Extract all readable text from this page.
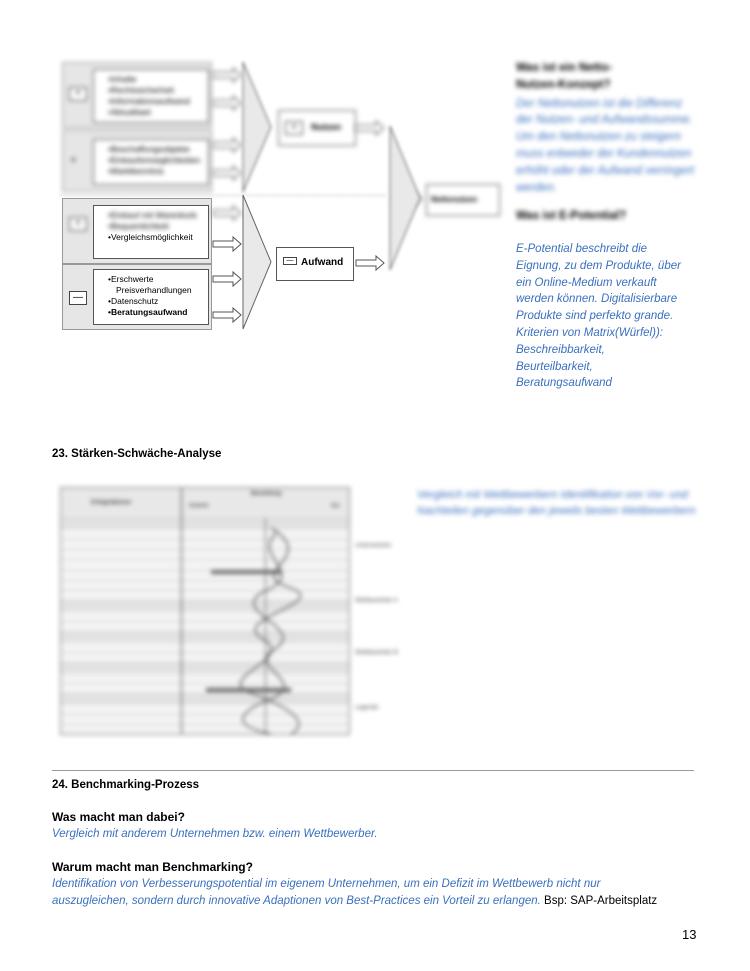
+
• Inhalte
• Rechtssicherheit
• Informationsaufwand
• Aktualitaet
o
• Beschaffungsobjekte
• Einkaufsmoeglichkeiten
• Marktkenntnis
+	Nutzen
Nettonutzen
+
• Einkauf mit Warenkorb
• Bequemlichkeit
• Vergleichsmöglichkeit
—
• Erschwerte Preisverhandlungen
• Datenschutz
• Beratungsaufwand
— Aufwand
Was ist ein Netto-Nutzen-Konzept?
Der Nettonutzen ist die Differenz der Nutzen- und Aufwandssumme. Um den Nettonutzen zu steigern muss entweder der Kundennutzen erhöht oder der Aufwand verringert werden.
Was ist E-Potential?
E-Potential beschreibt die
Eignung, zu dem Produkte, über
ein Online-Medium verkauft
werden können. Digitalisierbare
Produkte sind perfekto grande.
Kriterien von Matrix(Würfel)):
Beschreibbarkeit,
Beurteilbarkeit,
Beratungsaufwand
23. Stärken-Schwäche-Analyse
Vergleich mit Wettbewerbern Identifikation von Vor- und Nachteilen gegenüber den jeweils besten Wettbewerbern
Erfolgsfaktoren
Beurteilung
Schlecht	Gut
Unternehmen
Wettbewerber A
Wettbewerber B
Legende
24. Benchmarking-Prozess
Was macht man dabei?
Vergleich mit anderem Unternehmen bzw. einem Wettbewerber.
Warum macht man Benchmarking?
Identifikation von Verbesserungspotential im eigenem Unternehmen, um ein Defizit im Wettbewerb nicht nur
auszugleichen, sondern durch innovative Adaptionen von Best-Practices ein Vorteil zu erlangen. Bsp: SAP-Arbeitsplatz
13
